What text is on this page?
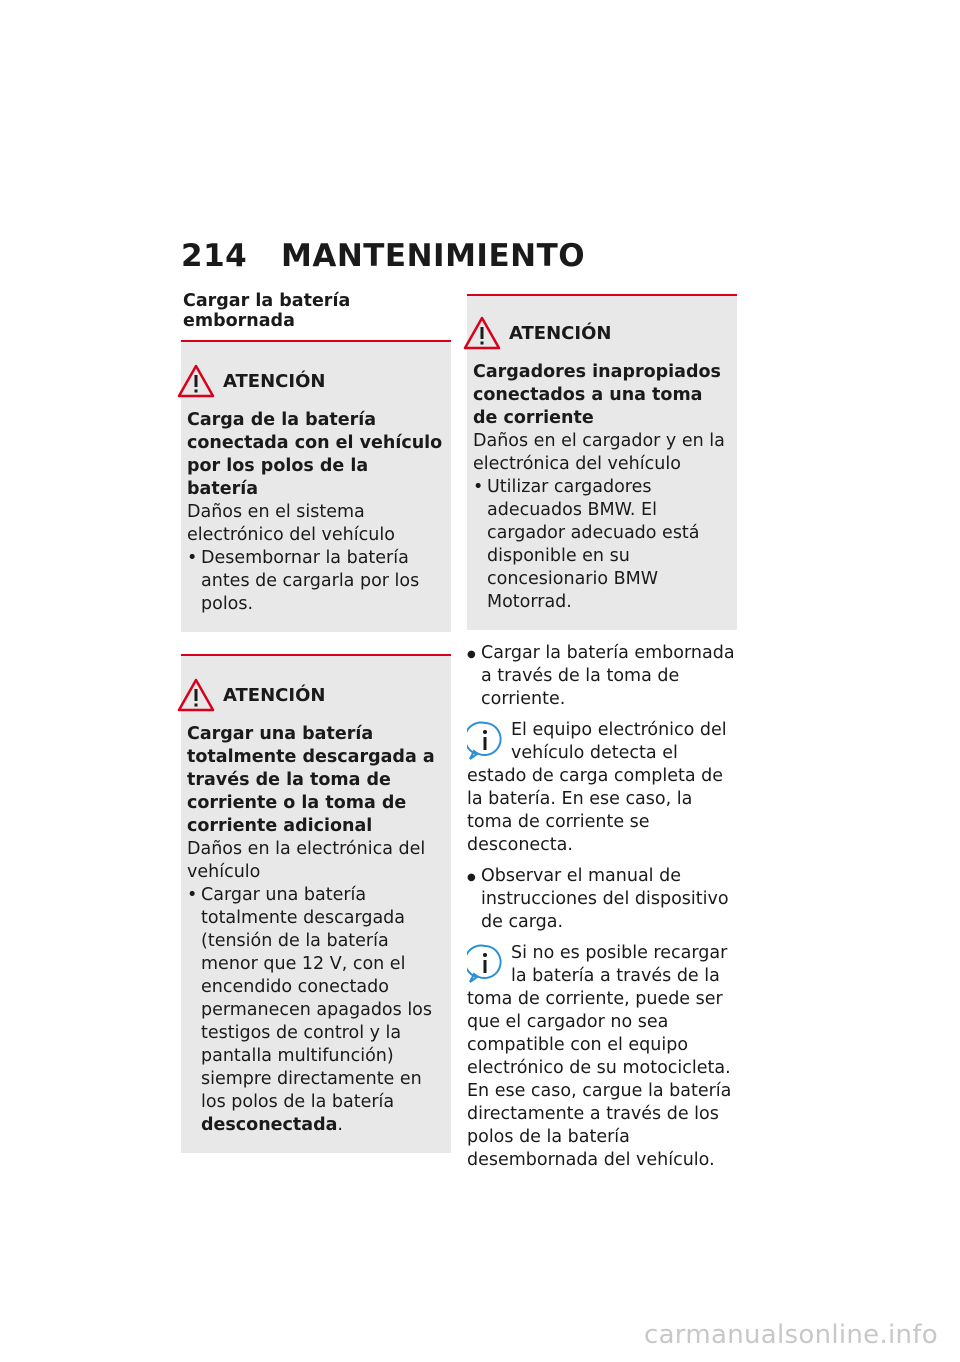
214 MANTENIMIENTO
Cargar la batería embornada
ATENCIÓN
Carga de la batería conectada con el vehículo por los polos de la batería
Daños en el sistema electrónico del vehículo
• Desembornar la batería antes de cargarla por los polos.
ATENCIÓN
Cargar una batería totalmente descargada a través de la toma de corriente o la toma de corriente adicional
Daños en la electrónica del vehículo
• Cargar una batería totalmente descargada (tensión de la batería menor que 12 V, con el encendido conectado permanecen apagados los testigos de control y la pantalla multifunción) siempre directamente en los polos de la batería desconectada.
ATENCIÓN
Cargadores inapropiados conectados a una toma de corriente
Daños en el cargador y en la electrónica del vehículo
• Utilizar cargadores adecuados BMW. El cargador adecuado está disponible en su concesionario BMW Motorrad.
● Cargar la batería embornada a través de la toma de corriente.
El equipo electrónico del vehículo detecta el estado de carga completa de la batería. En ese caso, la toma de corriente se desconecta.
● Observar el manual de instrucciones del dispositivo de carga.
Si no es posible recargar la batería a través de la toma de corriente, puede ser que el cargador no sea compatible con el equipo electrónico de su motocicleta. En ese caso, cargue la batería directamente a través de los polos de la batería desembornada del vehículo.
carmanualsonline.info
